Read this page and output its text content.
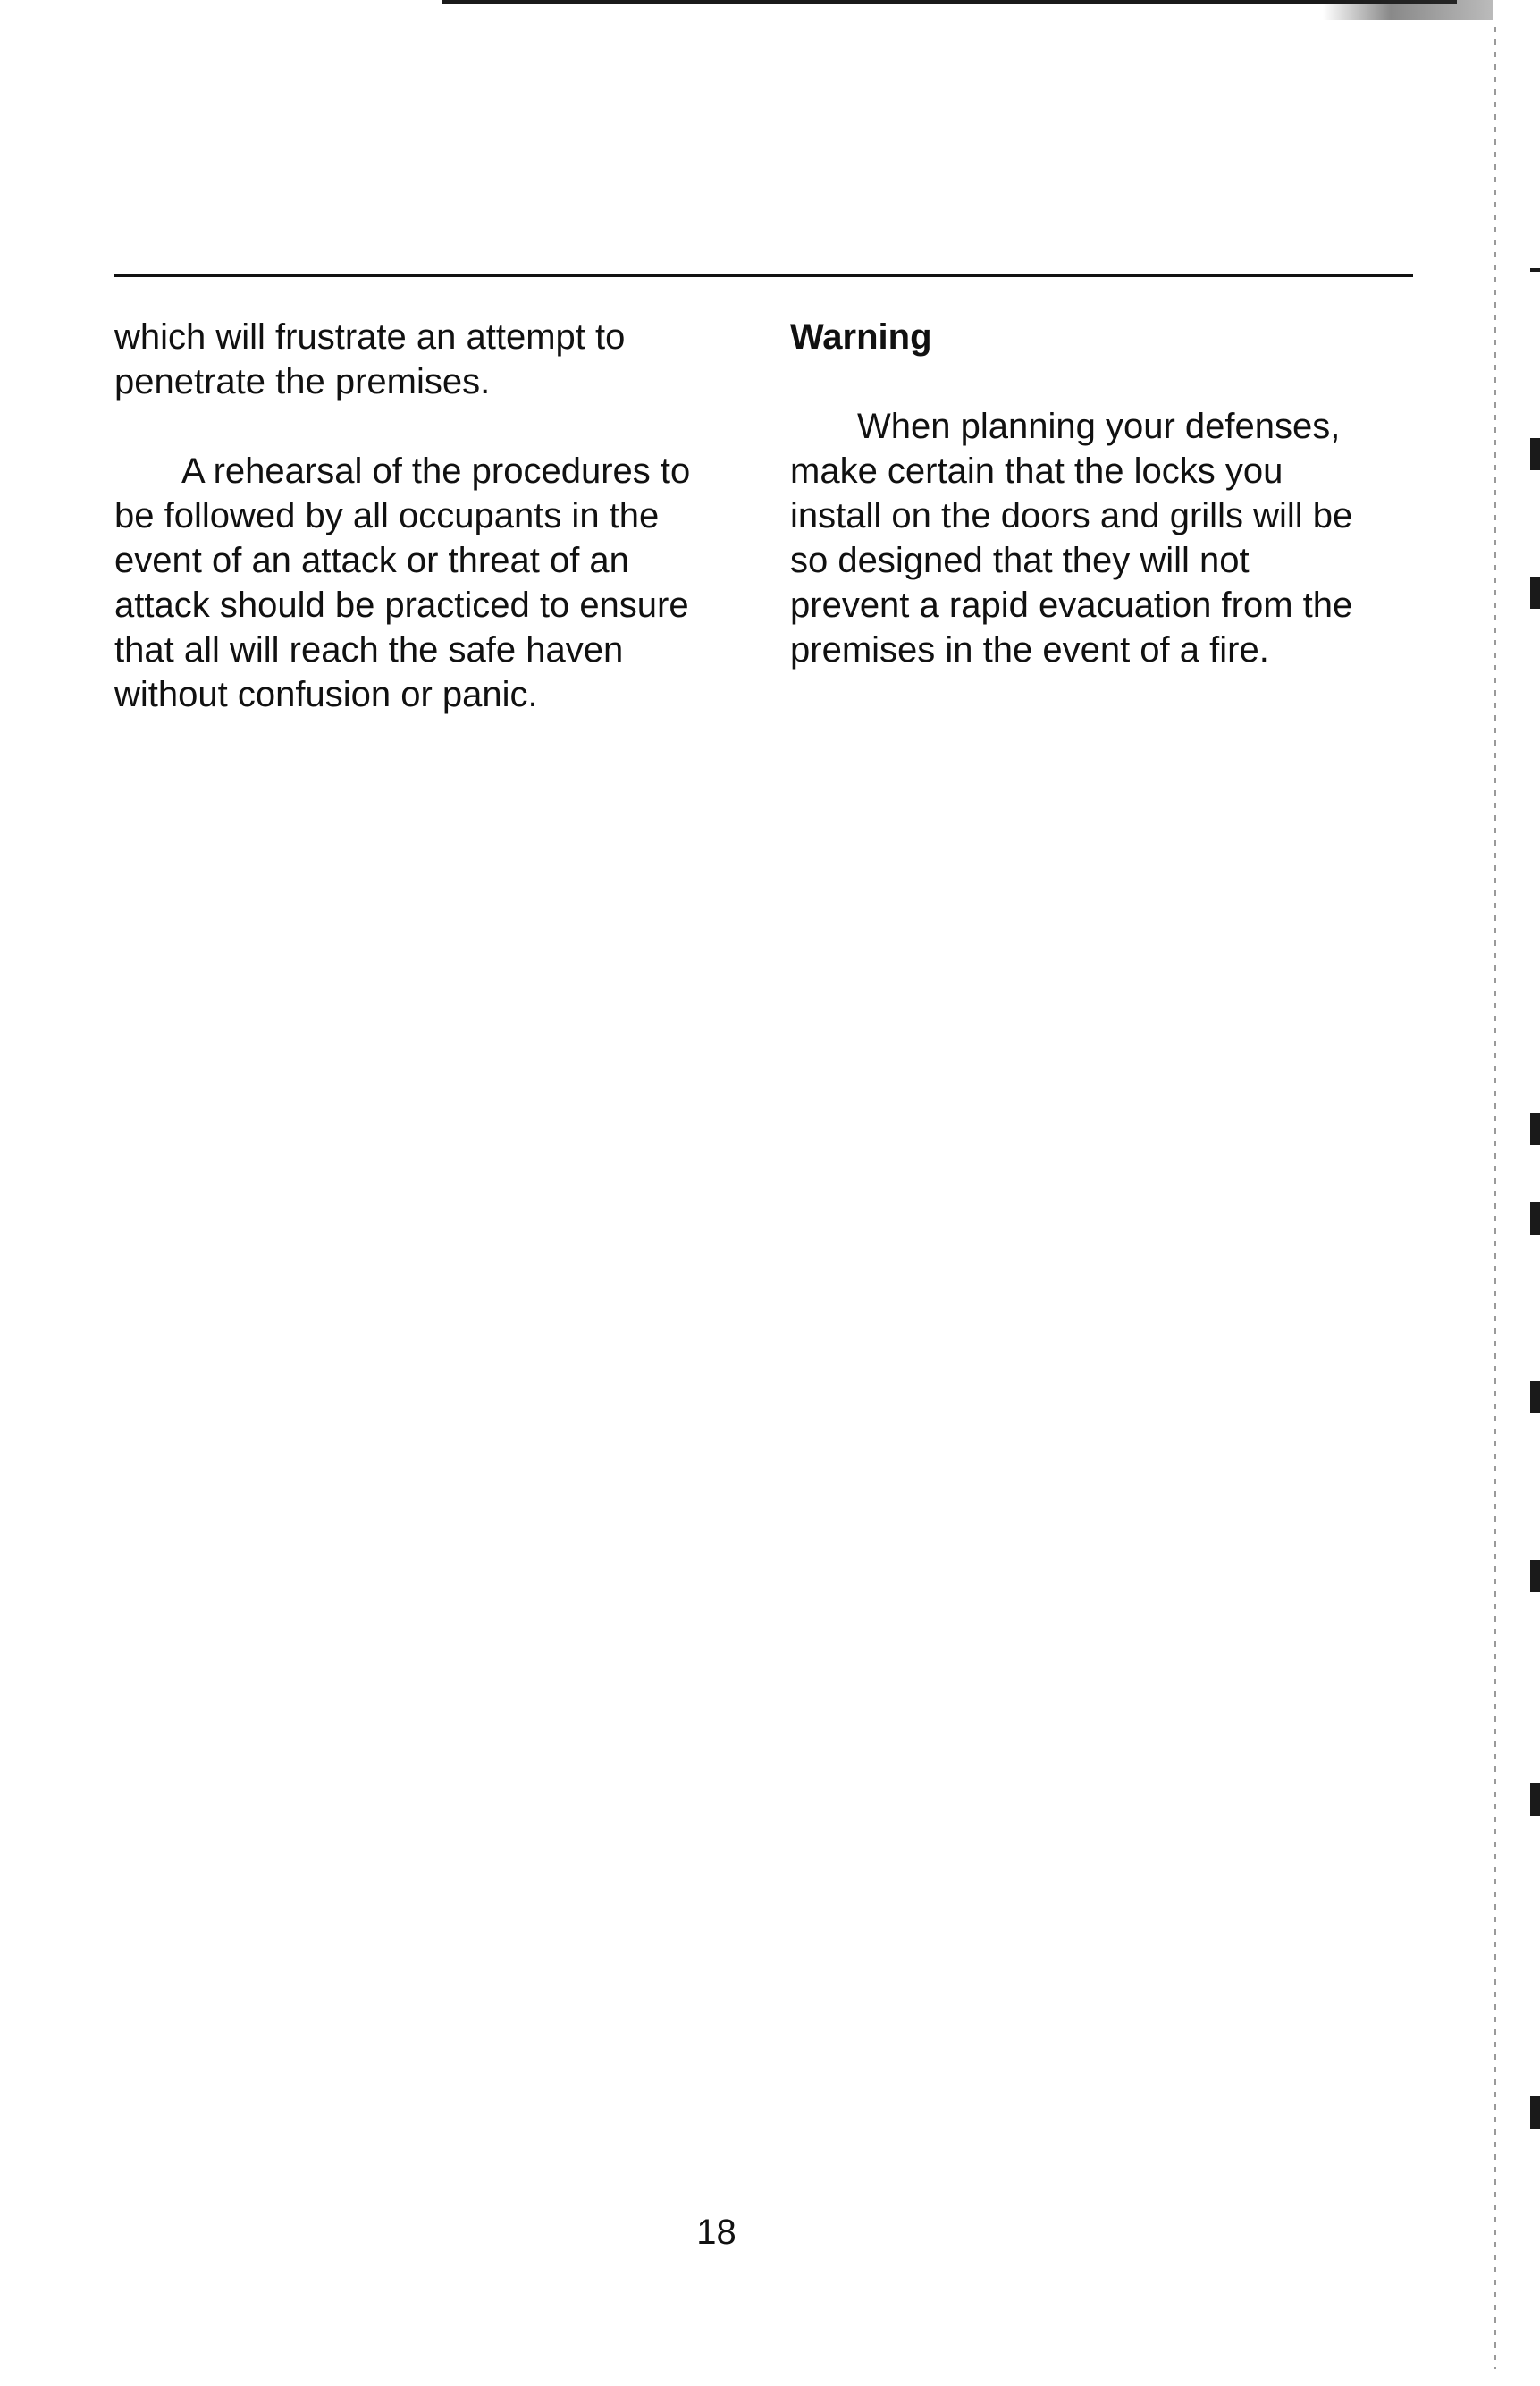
which will frustrate an attempt to
penetrate the premises.

A rehearsal of the procedures to
be followed by all occupants in the
event of an attack or threat of an
attack should be practiced to ensure
that all will reach the safe haven
without confusion or panic.

Warning

When planning your defenses,
make certain that the locks you
install on the doors and grills will be
so designed that they will not
prevent a rapid evacuation from the
premises in the event of a fire.

18
